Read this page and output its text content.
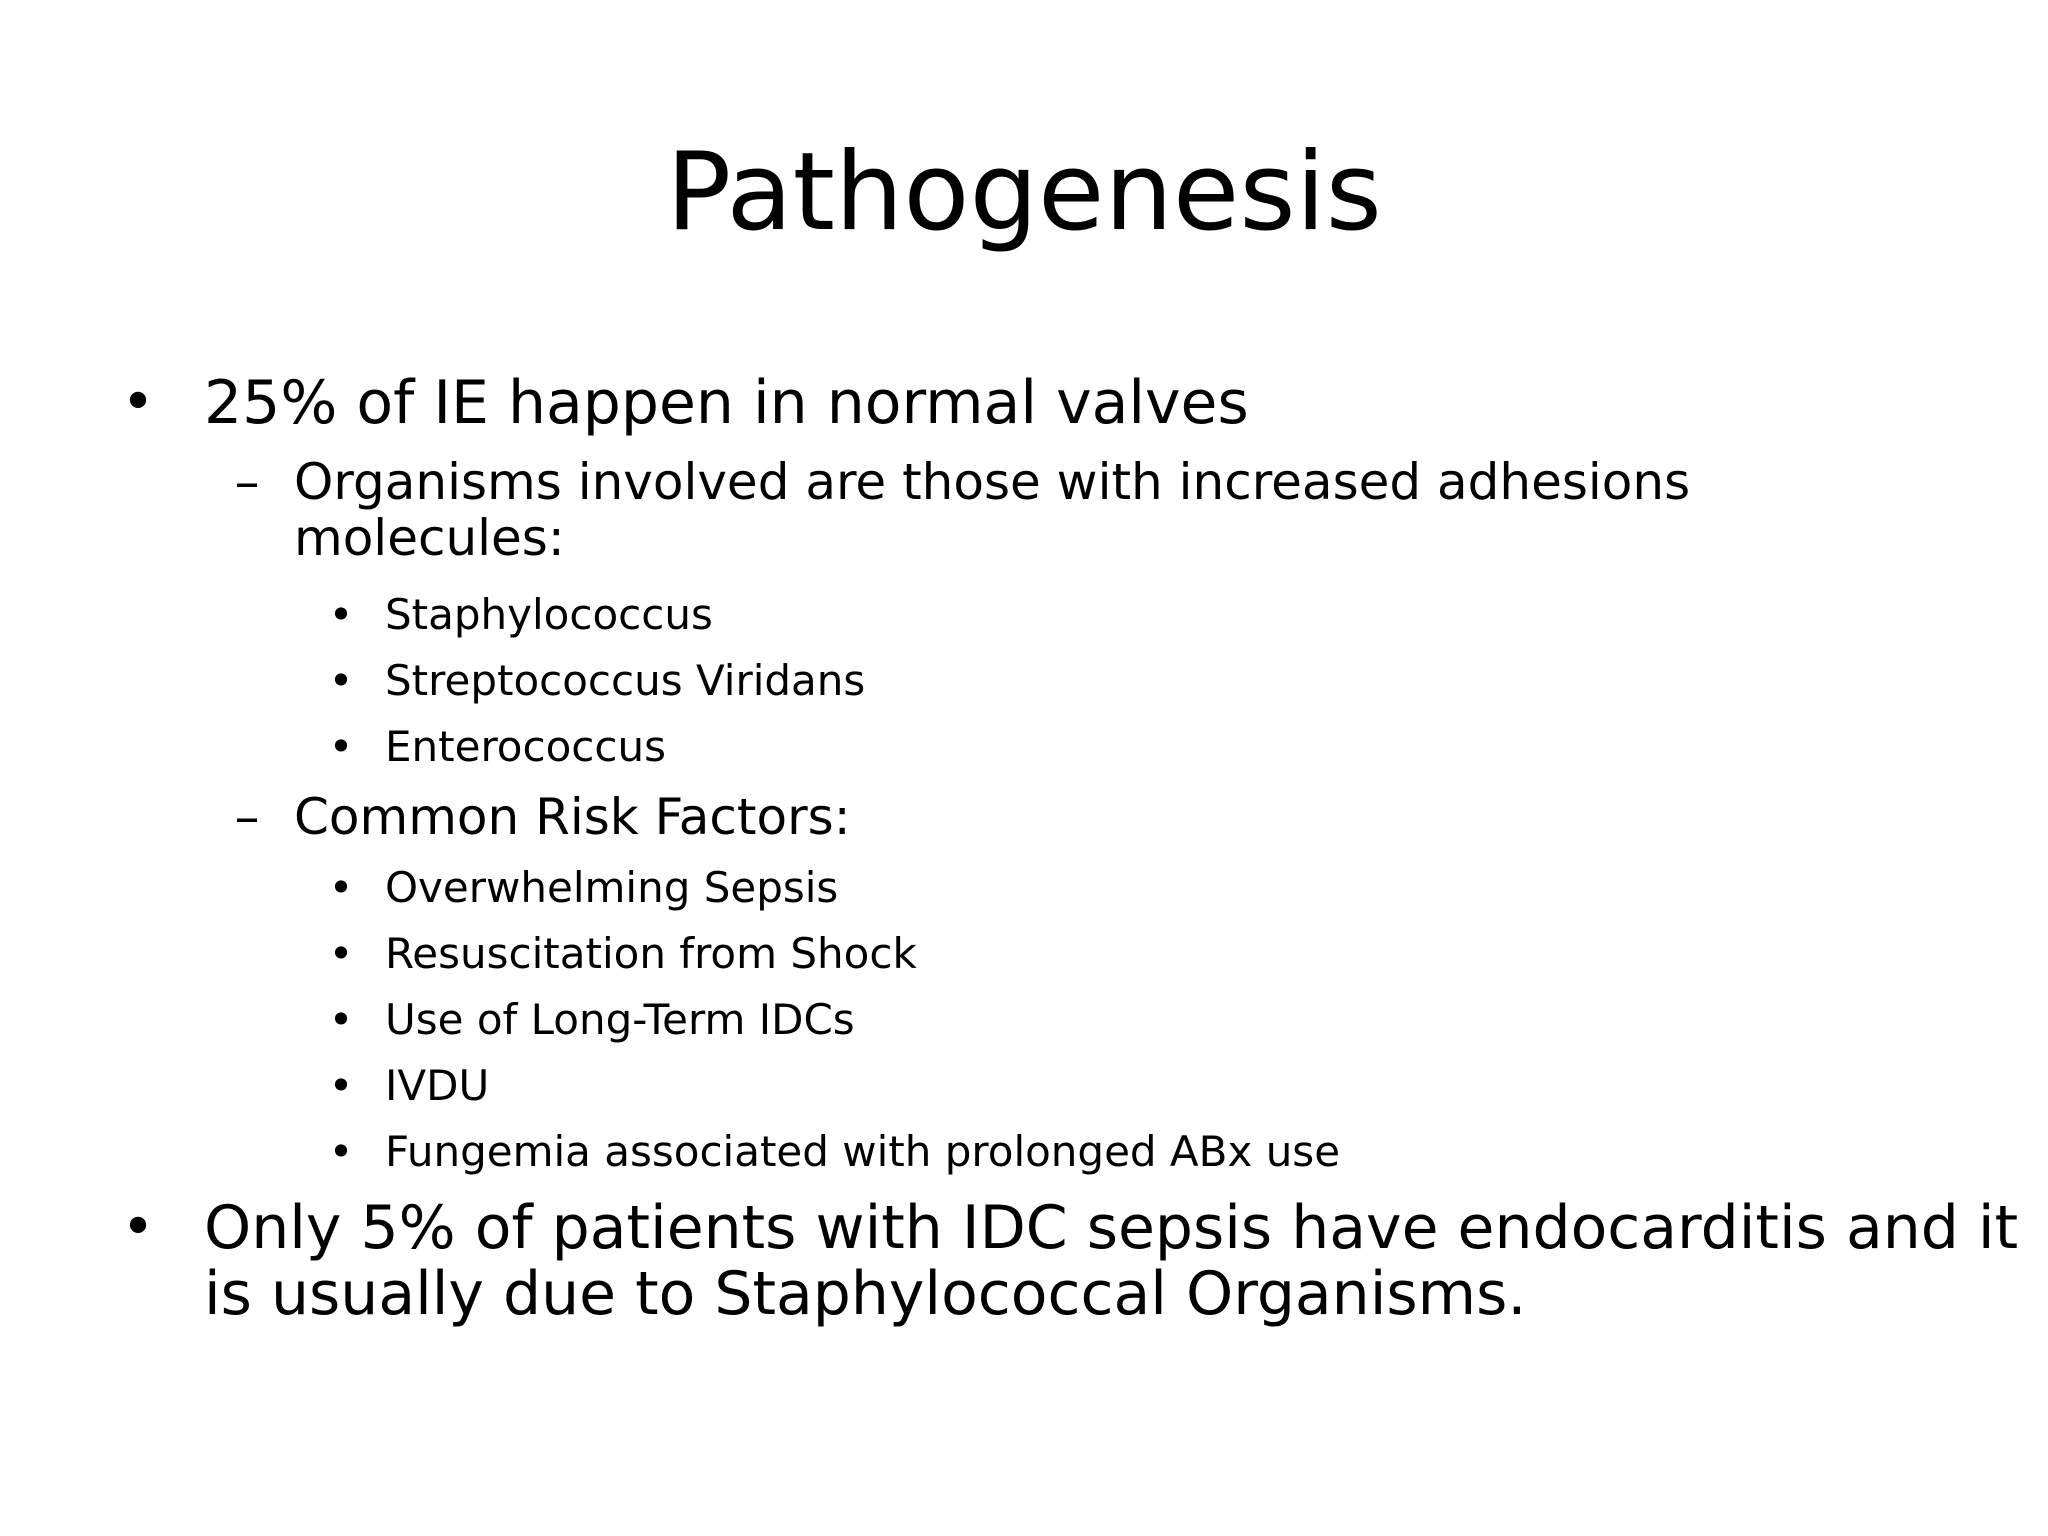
Pathogenesis
• 25% of IE happen in normal valves
– Organisms involved are those with increased adhesions
molecules:
• Staphylococcus
• Streptococcus Viridans
• Enterococcus
– Common Risk Factors:
• Overwhelming Sepsis
• Resuscitation from Shock
• Use of Long-Term IDCs
• IVDU
• Fungemia associated with prolonged ABx use
• Only 5% of patients with IDC sepsis have endocarditis and it
is usually due to Staphylococcal Organisms.
